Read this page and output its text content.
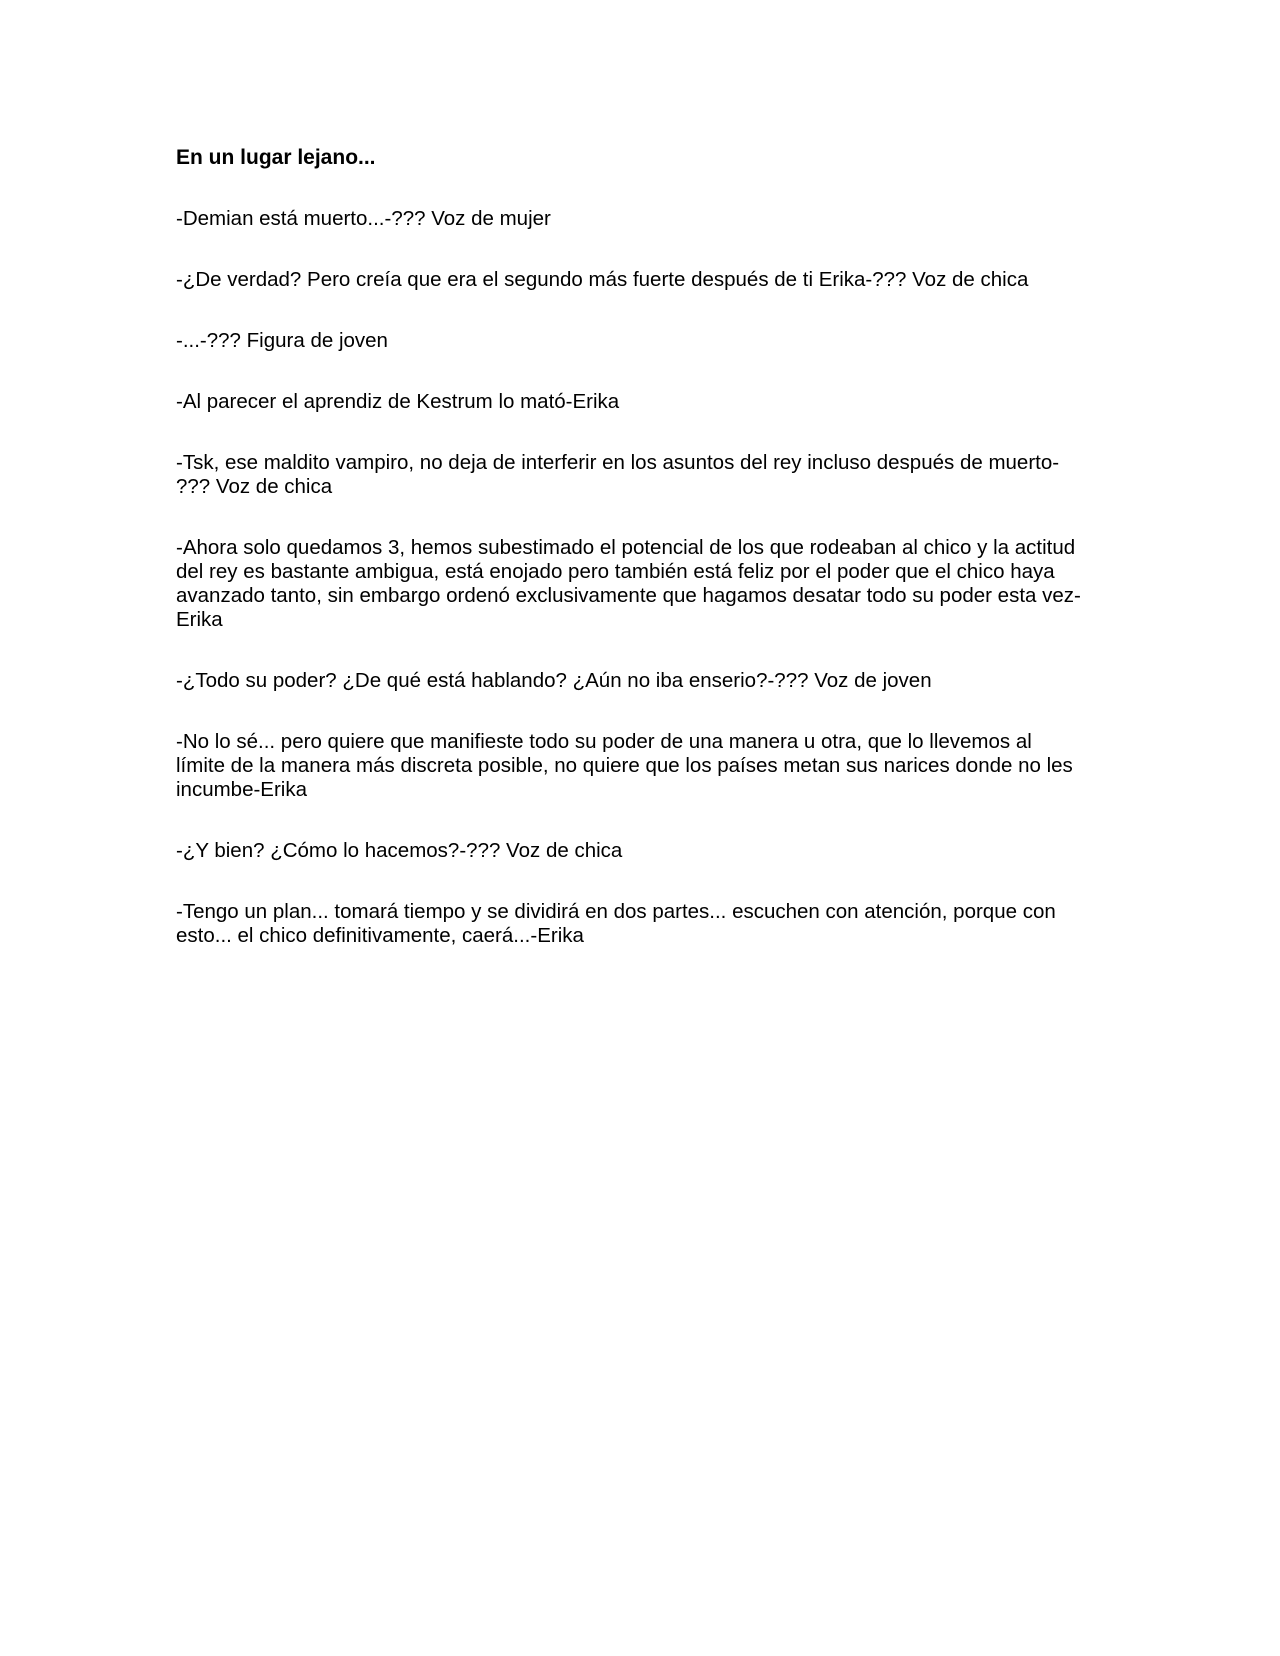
En un lugar lejano...

-Demian está muerto...-??? Voz de mujer

-¿De verdad? Pero creía que era el segundo más fuerte después de ti Erika-??? Voz de chica

-...-??? Figura de joven

-Al parecer el aprendiz de Kestrum lo mató-Erika

-Tsk, ese maldito vampiro, no deja de interferir en los asuntos del rey incluso después de muerto-
??? Voz de chica

-Ahora solo quedamos 3, hemos subestimado el potencial de los que rodeaban al chico y la actitud
del rey es bastante ambigua, está enojado pero también está feliz por el poder que el chico haya
avanzado tanto, sin embargo ordenó exclusivamente que hagamos desatar todo su poder esta vez-
Erika

-¿Todo su poder? ¿De qué está hablando? ¿Aún no iba enserio?-??? Voz de joven

-No lo sé... pero quiere que manifieste todo su poder de una manera u otra, que lo llevemos al
límite de la manera más discreta posible, no quiere que los países metan sus narices donde no les
incumbe-Erika

-¿Y bien? ¿Cómo lo hacemos?-??? Voz de chica

-Tengo un plan... tomará tiempo y se dividirá en dos partes... escuchen con atención, porque con
esto... el chico definitivamente, caerá...-Erika
